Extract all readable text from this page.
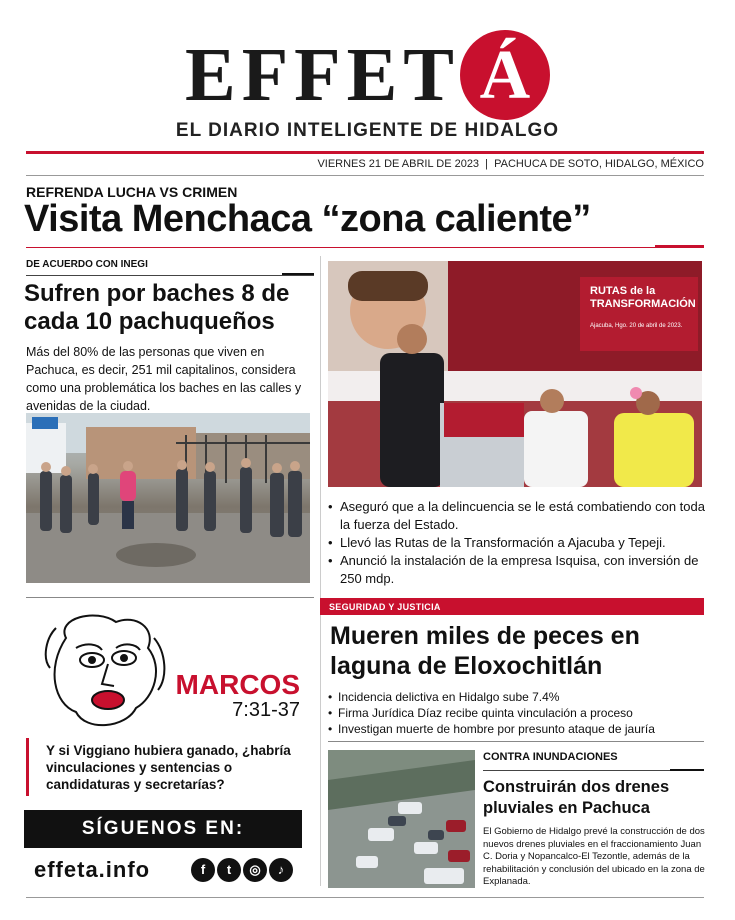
EFFET Á
EL DIARIO INTELIGENTE DE HIDALGO
VIERNES 21 DE ABRIL DE 2023  |  PACHUCA DE SOTO, HIDALGO, MÉXICO
REFRENDA LUCHA VS CRIMEN
Visita Menchaca “zona caliente”
DE ACUERDO CON INEGI
Sufren por baches 8 de cada 10 pachuqueños
Más del 80% de las personas que viven en Pachuca, es decir, 251 mil capitalinos, considera como una problemática los baches en las calles y avenidas de la ciudad.
RUTAS de la TRANSFORMACIÓN
Ajacuba, Hgo. 20 de abril de 2023.
• Aseguró que a la delincuencia se le está combatiendo con toda la fuerza del Estado.
• Llevó las Rutas de la Transformación a Ajacuba y Tepeji.
• Anunció la instalación de la empresa Isquisa, con inversión de 250 mdp.
SEGURIDAD Y JUSTICIA
Mueren miles de peces en laguna de Eloxochitlán
• Incidencia delictiva en Hidalgo sube 7.4%
• Firma Jurídica Díaz recibe quinta vinculación a proceso
• Investigan muerte de hombre por presunto ataque de jauría
MARCOS
7:31-37
Y si Viggiano hubiera ganado, ¿habría vinculaciones y sentencias o candidaturas y secretarías?
SÍGUENOS EN:
effeta.info	f t ◎ ♪
CONTRA INUNDACIONES
Construirán dos drenes pluviales en Pachuca
El Gobierno de Hidalgo prevé la construcción de dos nuevos drenes pluviales en el fraccionamiento Juan C. Doria y Nopancalco-El Tezontle, además de la rehabilitación y conclusión del ubicado en la zona de Explanada.
